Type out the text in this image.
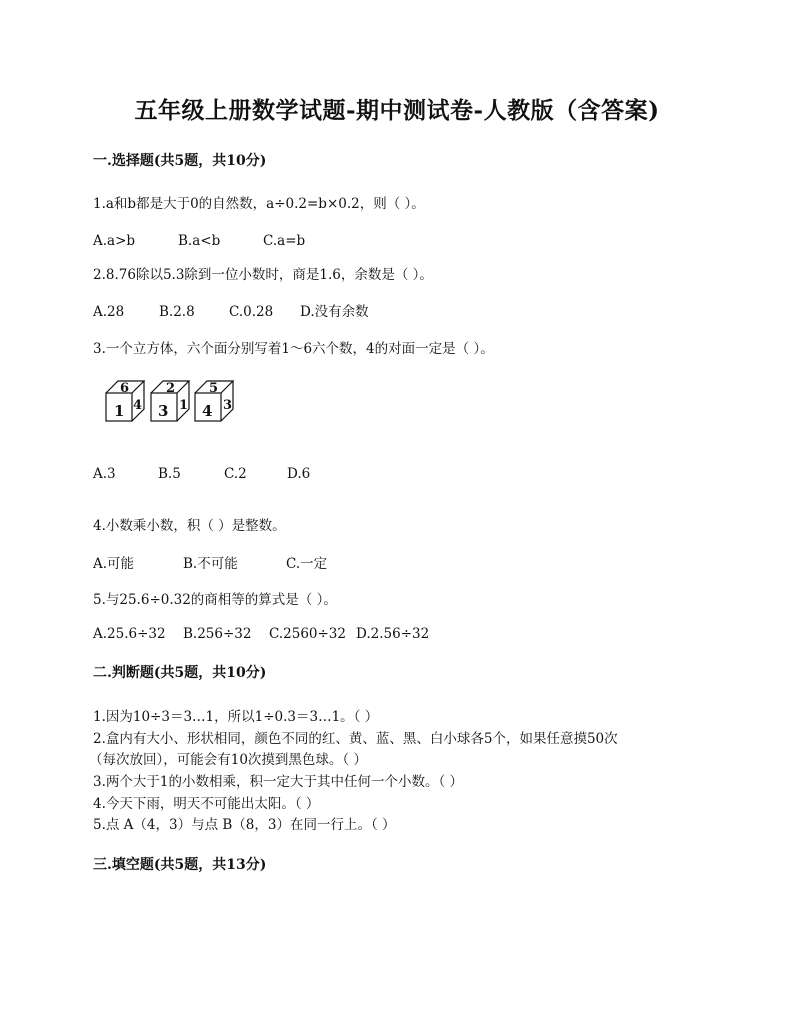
五年级上册数学试题-期中测试卷-人教版（含答案)
一.选择题(共5题，共10分)
1.a和b都是大于0的自然数，a÷0.2=b×0.2，则（ ）。
A.a>b	B.a<b	C.a=b
2.8.76除以5.3除到一位小数时，商是1.6，余数是（ ）。
A.28	B.2.8	C.0.28 D.没有余数
3.一个立方体，六个面分别写着1～6六个数，4的对面一定是（ ）。
1
6
4 3
2
1 4
5
3
A.3	B.5	C.2	D.6
4.小数乘小数，积（ ）是整数。
A.可能	B.不可能	C.一定
5.与25.6÷0.32的商相等的算式是（ ）。
A.25.6÷32 B.256÷32 C.2560÷32 D.2.56÷32
二.判断题(共5题，共10分)
1.因为10÷3＝3…1，所以1÷0.3＝3…1。（ ）
2.盒内有大小、形状相同，颜色不同的红、黄、蓝、黑、白小球各5个，如果任意摸50次
（每次放回），可能会有10次摸到黑色球。（ ）
3.两个大于1的小数相乘，积一定大于其中任何一个小数。（ ）
4.今天下雨，明天不可能出太阳。（ ）
5.点 A（4，3）与点 B（8，3）在同一行上。（ ）
三.填空题(共5题，共13分)
